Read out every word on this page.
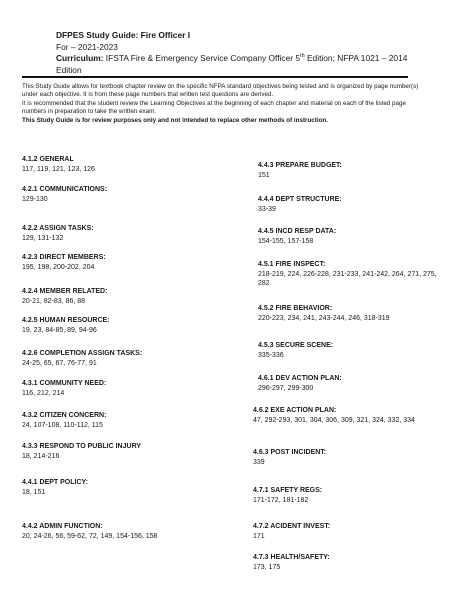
DFPES Study Guide: Fire Officer I
For – 2021-2023
Curriculum: IFSTA Fire & Emergency Service Company Officer 5th Edition; NFPA 1021 – 2014
Edition

This Study Guide allows for textbook chapter review on the specific NFPA standard objectives being tested and is organized by page number(s) under each objective. It is from these page numbers that written test questions are derived.

It is recommended that the student review the Learning Objectives at the beginning of each chapter and material on each of the listed page numbers in preparation to take the written exam.

This Study Guide is for review purposes only and not intended to replace other methods of instruction.

4.1.2 GENERAL
117, 119, 121, 123, 126
4.2.1 COMMUNICATIONS:
129-130
4.2.2 ASSIGN TASKS:
129, 131-132
4.2.3 DIRECT MEMBERS:
195, 198, 200-202, 204
4.2.4 MEMBER RELATED:
20-21, 82-83, 86, 88
4.2.5 HUMAN RESOURCE:
19, 23, 84-85, 89, 94-96
4.2.6 COMPLETION ASSIGN TASKS:
24-25, 65, 67, 76-77, 91
4.3.1 COMMUNITY NEED:
116, 212, 214
4.3.2 CITIZEN CONCERN:
24, 107-108, 110-112, 115
4.3.3 RESPOND TO PUBLIC INJURY
18, 214-216
4.4.1 DEPT POLICY:
18, 151
4.4.2 ADMIN FUNCTION:
20, 24-26, 56, 59-62, 72, 149, 154-156, 158
4.4.3 PREPARE BUDGET:
151
4.4.4 DEPT STRUCTURE:
33-39
4.4.5 INCD RESP DATA:
154-155, 157-158
4.5.1 FIRE INSPECT:
218-219, 224, 226-228, 231-233, 241-242, 264, 271, 275, 282
4.5.2 FIRE BEHAVIOR:
220-223, 234, 241, 243-244, 246, 318-319
4.5.3 SECURE SCENE:
335-336
4.6.1 DEV ACTION PLAN:
296-297, 299-300
4.6.2 EXE ACTION PLAN:
47, 292-293, 301, 304, 306, 309, 321, 324, 332, 334
4.6.3 POST INCIDENT:
339
4.7.1 SAFETY REGS:
171-172, 181-182
4.7.2 ACIDENT INVEST:
171
4.7.3 HEALTH/SAFETY:
173, 175
